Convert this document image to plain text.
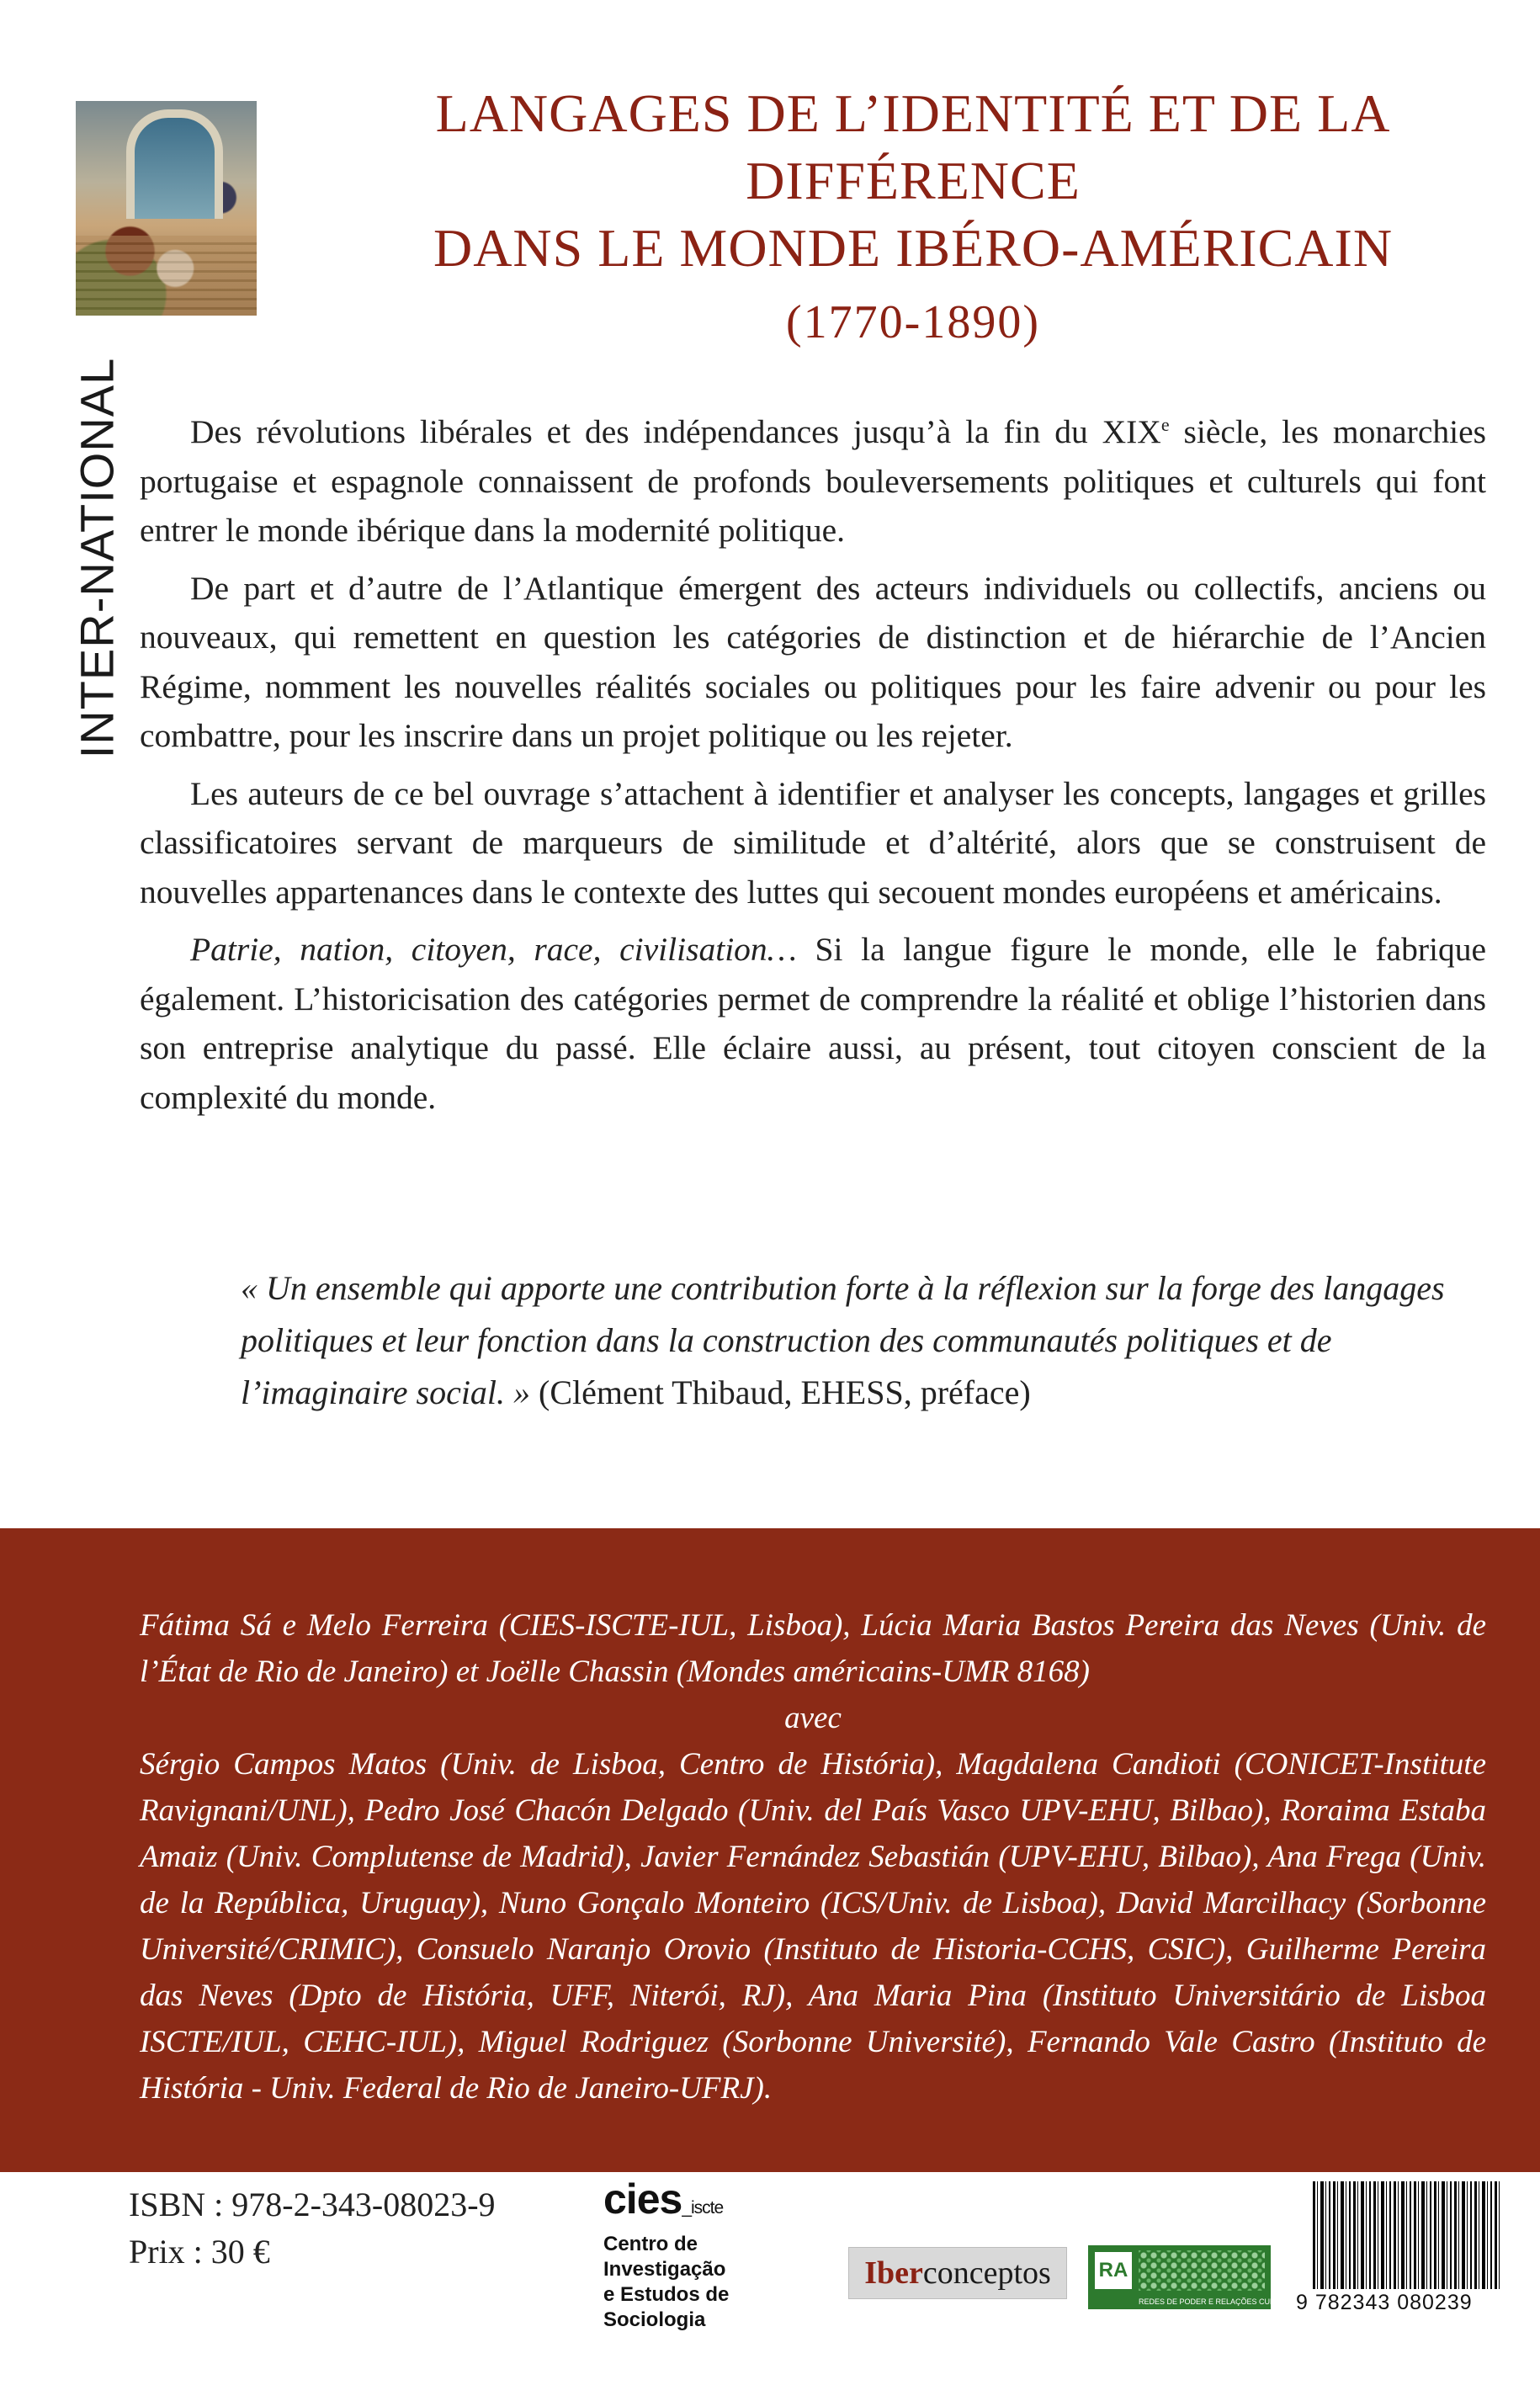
INTER-NATIONAL
LANGAGES DE L’IDENTITÉ ET DE LA DIFFÉRENCE
DANS LE MONDE IBÉRO-AMÉRICAIN
(1770-1890)

Des révolutions libérales et des indépendances jusqu’à la fin du XIXe siècle, les monarchies portugaise et espagnole connaissent de profonds bouleversements politiques et culturels qui font entrer le monde ibérique dans la modernité politique.

De part et d’autre de l’Atlantique émergent des acteurs individuels ou collectifs, anciens ou nouveaux, qui remettent en question les catégories de distinction et de hiérarchie de l’Ancien Régime, nomment les nouvelles réalités sociales ou politiques pour les faire advenir ou pour les combattre, pour les inscrire dans un projet politique ou les rejeter.

Les auteurs de ce bel ouvrage s’attachent à identifier et analyser les concepts, langages et grilles classificatoires servant de marqueurs de similitude et d’altérité, alors que se construisent de nouvelles appartenances dans le contexte des luttes qui secouent mondes européens et américains.

Patrie, nation, citoyen, race, civilisation… Si la langue figure le monde, elle le fabrique également. L’historicisation des catégories permet de comprendre la réalité et oblige l’historien dans son entreprise analytique du passé. Elle éclaire aussi, au présent, tout citoyen conscient de la complexité du monde.

« Un ensemble qui apporte une contribution forte à la réflexion sur la forge des langages politiques et leur fonction dans la construction des communautés politiques et de l’imaginaire social. » (Clément Thibaud, EHESS, préface)

Fátima Sá e Melo Ferreira (CIES-ISCTE-IUL, Lisboa), Lúcia Maria Bastos Pereira das Neves (Univ. de l’État de Rio de Janeiro) et Joëlle Chassin (Mondes américains-UMR 8168)

avec

Sérgio Campos Matos (Univ. de Lisboa, Centro de História), Magdalena Candioti (CONICET-Institute Ravignani/UNL), Pedro José Chacón Delgado (Univ. del País Vasco UPV-EHU, Bilbao), Roraima Estaba Amaiz (Univ. Complutense de Madrid), Javier Fernández Sebastián (UPV-EHU, Bilbao), Ana Frega (Univ. de la República, Uruguay), Nuno Gonçalo Monteiro (ICS/Univ. de Lisboa), David Marcilhacy (Sorbonne Université/CRIMIC), Consuelo Naranjo Orovio (Instituto de Historia-CCHS, CSIC), Guilherme Pereira das Neves (Dpto de História, UFF, Niterói, RJ), Ana Maria Pina (Instituto Universitário de Lisboa ISCTE/IUL, CEHC-IUL), Miguel Rodriguez (Sorbonne Université), Fernando Vale Castro (Instituto de História - Univ. Federal de Rio de Janeiro-UFRJ).

ISBN : 978-2-343-08023-9
Prix : 30 €
cies_iscte
Centro de Investigação
e Estudos de Sociologia
Iberconceptos	RA
REDES DE PODER E RELAÇÕES CULTURAIS
9 782343 080239
